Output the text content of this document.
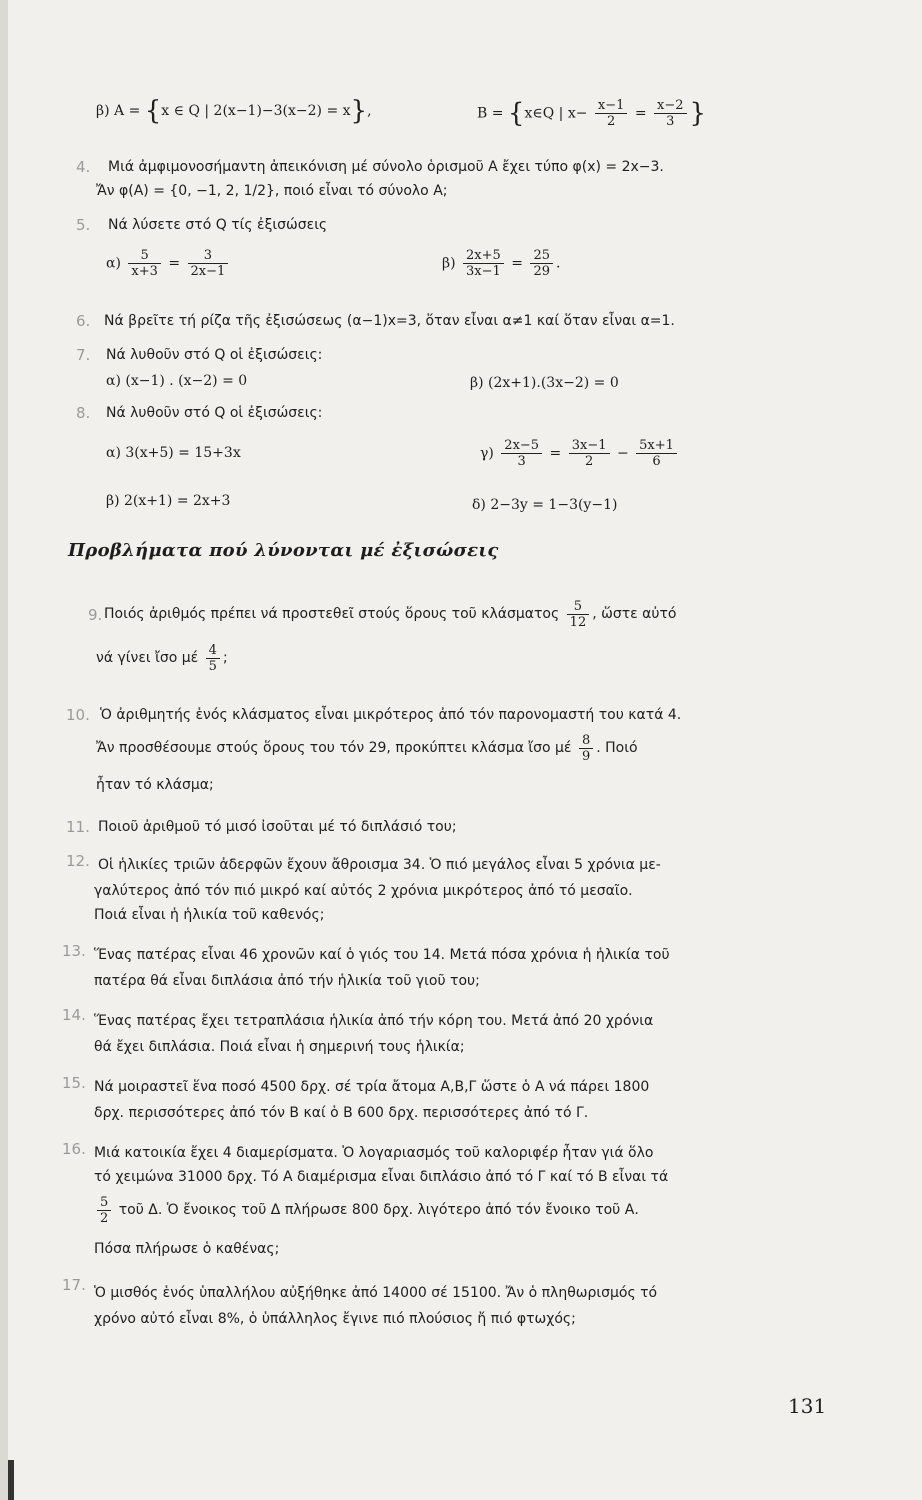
β) A = {x ∈ Q | 2(x−1)−3(x−2) = x},	B = {x∈Q | $x- \frac{x-1}{2} = \frac{x-2}{3}$ }
4. Μιά ἀμφιμονοσήμαντη ἀπεικόνιση μέ σύνολο ὁρισμοῦ Α ἔχει τύπο φ(x) = 2x−3.
Ἄν φ(A) = {0, −1, 2, 1/2}, ποιό εἶναι τό σύνολο Α;
5. Νά λύσετε στό Q τίς ἐξισώσεις
$\alpha) \frac{5}{x+3} = \frac{3}{2x-1}$	$\beta) \frac{2x+5}{3x-1} = \frac{25}{29}$ .
6. Νά βρεῖτε τή ρίζα τῆς ἐξισώσεως (α−1)x=3, ὅταν εἶναι α≠1 καί ὅταν εἶναι α=1.
7. Νά λυθοῦν στό Q οἱ ἐξισώσεις:
α) (x−1) . (x−2) = 0	β) (2x+1).(3x−2) = 0
8. Νά λυθοῦν στό Q οἱ ἐξισώσεις:
α) 3(x+5) = 15+3x	$\gamma) \frac{2x-5}{3} = \frac{3x-1}{2} - \frac{5x+1}{6}$
β) 2(x+1) = 2x+3	δ) 2−3y = 1−3(y−1)
Προβλήματα πού λύνονται μέ ἐξισώσεις
9. Ποιός ἀριθμός πρέπει νά προστεθεῖ στούς ὅρους τοῦ κλάσματος $\frac{5}{12}$ , ὥστε αὐτό
νά γίνει ἴσο μέ $\frac{4}{5}$ ;
10. Ὁ ἀριθμητής ἑνός κλάσματος εἶναι μικρότερος ἀπό τόν παρονομαστή του κατά 4.
Ἄν προσθέσουμε στούς ὅρους του τόν 29, προκύπτει κλάσμα ἴσο μέ $\frac{8}{9}$ . Ποιό
ἦταν τό κλάσμα;
11. Ποιοῦ ἀριθμοῦ τό μισό ἰσοῦται μέ τό διπλάσιό του;
12. Οἱ ἡλικίες τριῶν ἀδερφῶν ἔχουν ἄθροισμα 34. Ὁ πιό μεγάλος εἶναι 5 χρόνια με-
γαλύτερος ἀπό τόν πιό μικρό καί αὐτός 2 χρόνια μικρότερος ἀπό τό μεσαῖο.
Ποιά εἶναι ἡ ἡλικία τοῦ καθενός;
13. Ἕνας πατέρας εἶναι 46 χρονῶν καί ὁ γιός του 14. Μετά πόσα χρόνια ἡ ἡλικία τοῦ
πατέρα θά εἶναι διπλάσια ἀπό τήν ἡλικία τοῦ γιοῦ του;
14. Ἕνας πατέρας ἔχει τετραπλάσια ἡλικία ἀπό τήν κόρη του. Μετά ἀπό 20 χρόνια
θά ἔχει διπλάσια. Ποιά εἶναι ἡ σημερινή τους ἡλικία;
15. Νά μοιραστεῖ ἕνα ποσό 4500 δρχ. σέ τρία ἄτομα Α,Β,Γ ὥστε ὁ Α νά πάρει 1800
δρχ. περισσότερες ἀπό τόν Β καί ὁ Β 600 δρχ. περισσότερες ἀπό τό Γ.
16. Μιά κατοικία ἔχει 4 διαμερίσματα. Ὁ λογαριασμός τοῦ καλοριφέρ ἦταν γιά ὅλο
τό χειμώνα 31000 δρχ. Τό Α διαμέρισμα εἶναι διπλάσιο ἀπό τό Γ καί τό Β εἶναι τά
$\frac{5}{2}$ τοῦ Δ. Ὁ ἔνοικος τοῦ Δ πλήρωσε 800 δρχ. λιγότερο ἀπό τόν ἔνοικο τοῦ Α.
Πόσα πλήρωσε ὁ καθένας;
17. Ὁ μισθός ἑνός ὑπαλλήλου αὐξήθηκε ἀπό 14000 σέ 15100. Ἄν ὁ πληθωρισμός τό
χρόνο αὐτό εἶναι 8%, ὁ ὑπάλληλος ἔγινε πιό πλούσιος ἤ πιό φτωχός;
131
